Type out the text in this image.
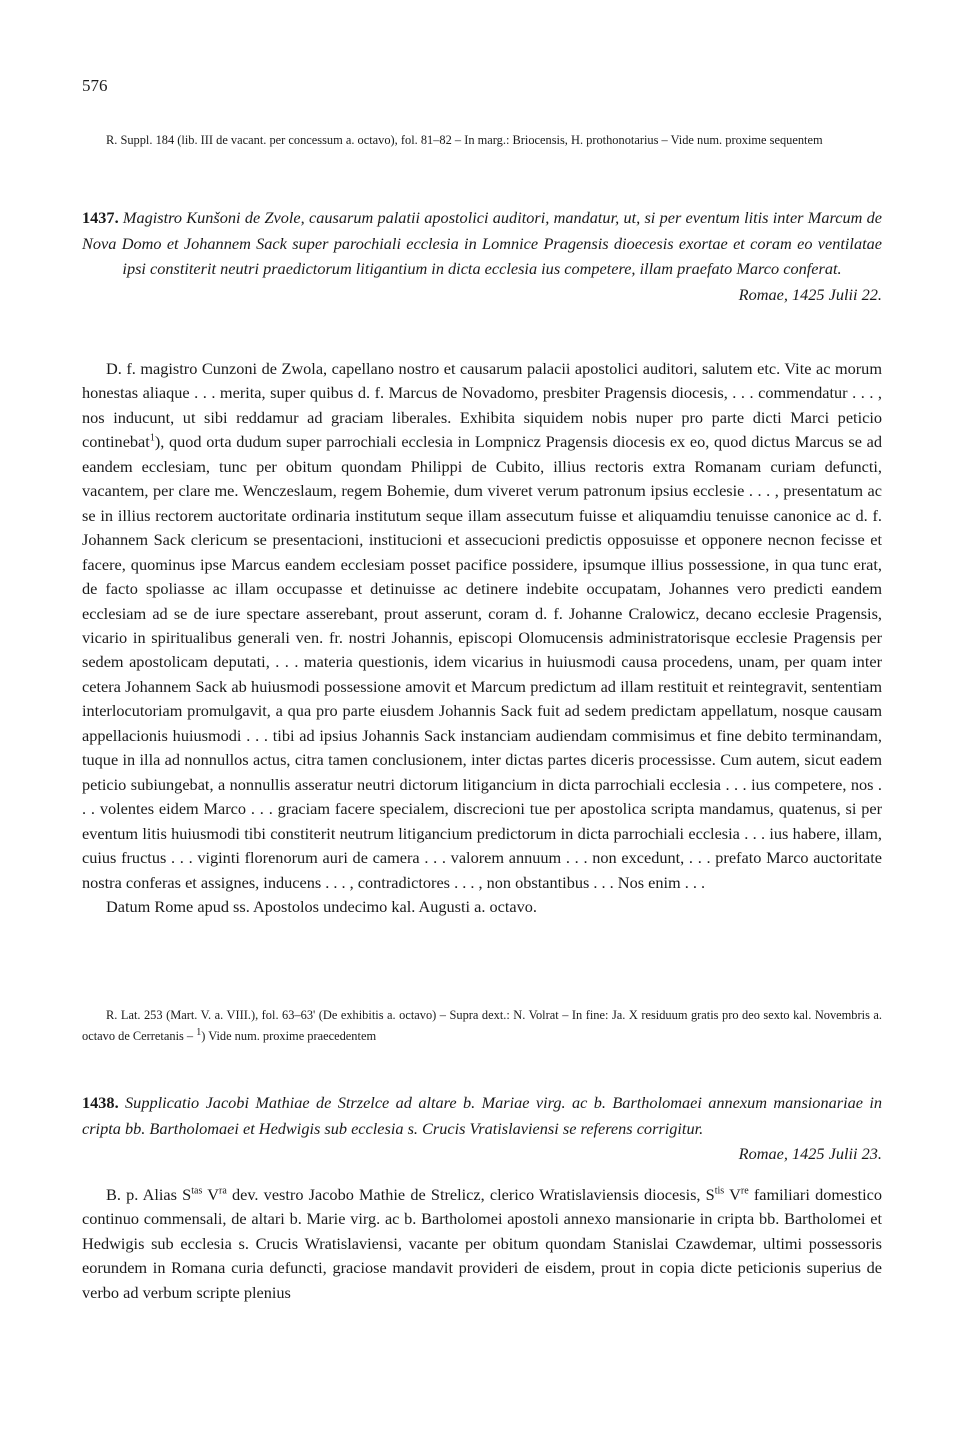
576
R. Suppl. 184 (lib. III de vacant. per concessum a. octavo), fol. 81–82 – In marg.: Briocensis, H. prothonotarius – Vide num. proxime sequentem
1437. Magistro Kunšoni de Zvole, causarum palatii apostolici auditori, mandatur, ut, si per eventum litis inter Marcum de Nova Domo et Johannem Sack super parochiali ecclesia in Lomnice Pragensis dioecesis exortae et coram eo ventilatae ipsi constiterit neutri praedictorum litigantium in dicta ecclesia ius competere, illam praefato Marco conferat.
Romae, 1425 Julii 22.

D. f. magistro Cunzoni de Zwola, capellano nostro et causarum palacii apostolici auditori, salutem etc. Vite ac morum honestas aliaque . . . merita, super quibus d. f. Marcus de Novadomo, presbiter Pragensis diocesis, . . . commendatur . . . , nos inducunt, ut sibi reddamur ad graciam liberales. Exhibita siquidem nobis nuper pro parte dicti Marci peticio continebat$^1$), quod orta dudum super parrochiali ecclesia in Lompnicz Pragensis diocesis ex eo, quod dictus Marcus se ad eandem ecclesiam, tunc per obitum quondam Philippi de Cubito, illius rectoris extra Romanam curiam defuncti, vacantem, per clare me. Wenczeslaum, regem Bohemie, dum viveret verum patronum ipsius ecclesie . . . , presentatum ac se in illius rectorem auctoritate ordinaria institutum seque illam assecutum fuisse et aliquamdiu tenuisse canonice ac d. f. Johannem Sack clericum se presentacioni, institucioni et assecucioni predictis opposuisse et opponere necnon fecisse et facere, quominus ipse Marcus eandem ecclesiam posset pacifice possidere, ipsumque illius possessione, in qua tunc erat, de facto spoliasse ac illam occupasse et detinuisse ac detinere indebite occupatam, Johannes vero predicti eandem ecclesiam ad se de iure spectare asserebant, prout asserunt, coram d. f. Johanne Cralowicz, decano ecclesie Pragensis, vicario in spiritualibus generali ven. fr. nostri Johannis, episcopi Olomucensis administratorisque ecclesie Pragensis per sedem apostolicam deputati, . . . materia questionis, idem vicarius in huiusmodi causa procedens, unam, per quam inter cetera Johannem Sack ab huiusmodi possessione amovit et Marcum predictum ad illam restituit et reintegravit, sententiam interlocutoriam promulgavit, a qua pro parte eiusdem Johannis Sack fuit ad sedem predictam appellatum, nosque causam appellacionis huiusmodi . . . tibi ad ipsius Johannis Sack instanciam audiendam commisimus et fine debito terminandam, tuque in illa ad nonnullos actus, citra tamen conclusionem, inter dictas partes diceris processisse. Cum autem, sicut eadem peticio subiungebat, a nonnullis asseratur neutri dictorum litigancium in dicta parrochiali ecclesia . . . ius competere, nos . . . volentes eidem Marco . . . graciam facere specialem, discrecioni tue per apostolica scripta mandamus, quatenus, si per eventum litis huiusmodi tibi constiterit neutrum litigancium predictorum in dicta parrochiali ecclesia . . . ius habere, illam, cuius fructus . . . viginti florenorum auri de camera . . . valorem annuum . . . non excedunt, . . . prefato Marco auctoritate nostra conferas et assignes, inducens . . . , contradictores . . . , non obstantibus . . . Nos enim . . .

Datum Rome apud ss. Apostolos undecimo kal. Augusti a. octavo.

R. Lat. 253 (Mart. V. a. VIII.), fol. 63–63' (De exhibitis a. octavo) – Supra dext.: N. Volrat – In fine: Ja. X residuum gratis pro deo sexto kal. Novembris a. octavo de Cerretanis – $^1$) Vide num. proxime praecedentem
1438. Supplicatio Jacobi Mathiae de Strzelce ad altare b. Mariae virg. ac b. Bartholomaei annexum mansionariae in cripta bb. Bartholomaei et Hedwigis sub ecclesia s. Crucis Vratislaviensi se referens corrigitur.
Romae, 1425 Julii 23.

B. p. Alias $S^{tas}$ $V^{ra}$ dev. vestro Jacobo Mathie de Strelicz, clerico Wratislaviensis diocesis, $S^{tis}$ Vre familiari domestico continuo commensali, de altari b. Marie virg. ac b. Bartholomei apostoli annexo mansionarie in cripta bb. Bartholomei et Hedwigis sub ecclesia s. Crucis Wratislaviensi, vacante per obitum quondam Stanislai Czawdemar, ultimi possessoris eorundem in Romana curia defuncti, graciose mandavit provideri de eisdem, prout in copia dicte peticionis superius de verbo ad verbum scripte plenius
